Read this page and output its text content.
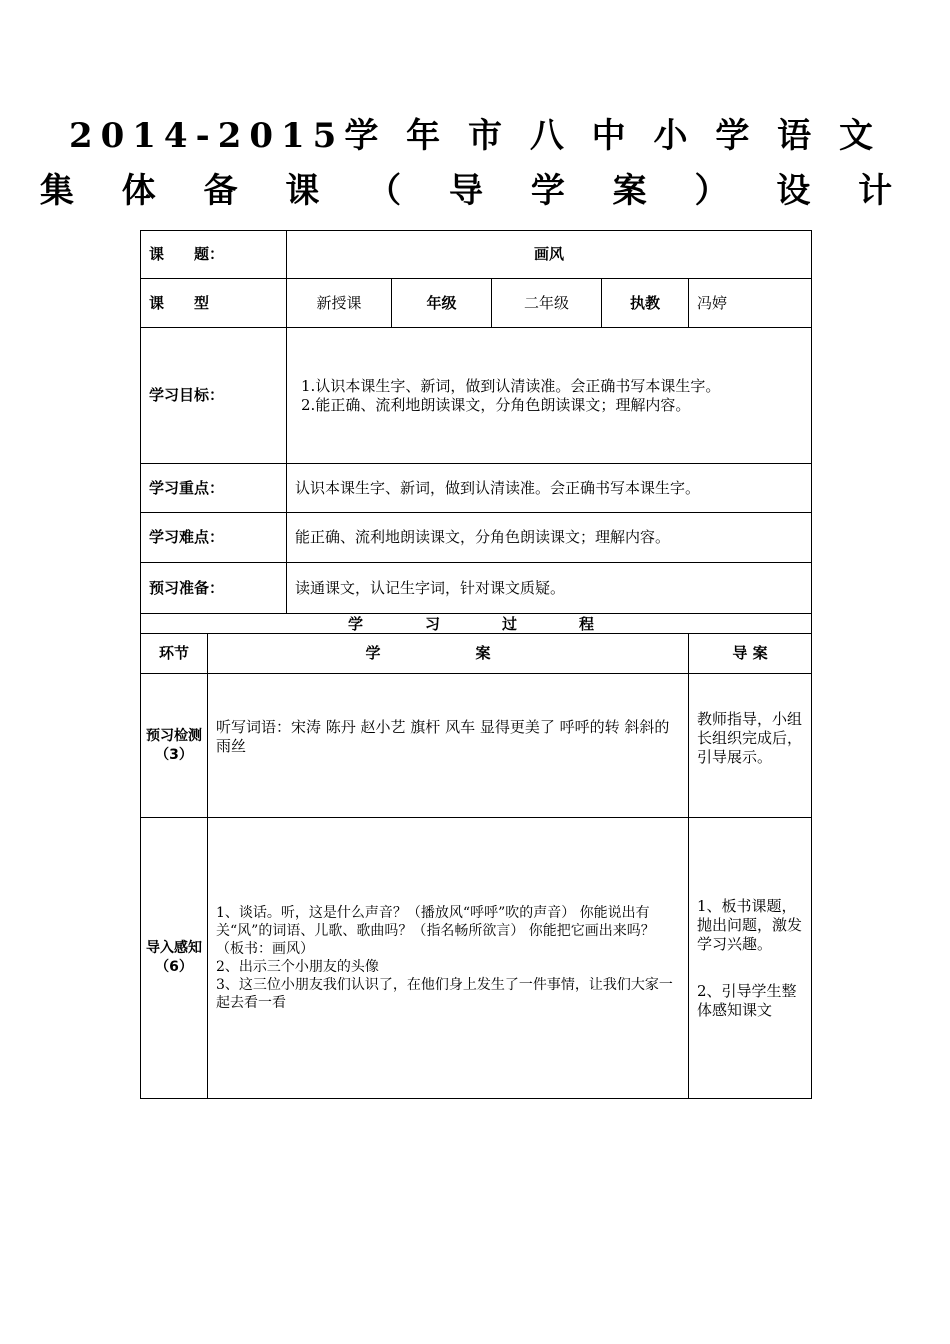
2014-2015学 年 市 八 中 小 学 语 文
集 体 备 课 （ 导 学 案 ） 设 计
课　　题：		画风				
课　　型		新授课	年级	二年级	执教	冯婷
学习目标：		1.认识本课生字、新词，做到认清读准。会正确书写本课生字。
2.能正确、流利地朗读课文，分角色朗读课文；理解内容。				

学习重点：		认识本课生字、新词，做到认清读准。会正确书写本课生字。				
学习难点：		能正确、流利地朗读课文，分角色朗读课文；理解内容。				
预习准备：		读通课文，认记生字词，针对课文质疑。				
学习过程						
环节	学　案					导 案

预习检测
（3）	听写词语：宋涛 陈丹 赵小艺 旗杆 风车 显得更美了 呼呼的转 斜斜的雨丝					教师指导，小组长组织完成后，引导展示。

导入感知
（6）	1、谈话。听，这是什么声音？（播放风“呼呼”吹的声音） 你能说出有关“风”的词语、儿歌、歌曲吗？（指名畅所欲言） 你能把它画出来吗？（板书：画风）
2、出示三个小朋友的头像
3、这三位小朋友我们认识了，在他们身上发生了一件事情，让我们大家一起去看一看					1、板书课题，抛出问题，激发学习兴趣。
2、引导学生整体感知课文
